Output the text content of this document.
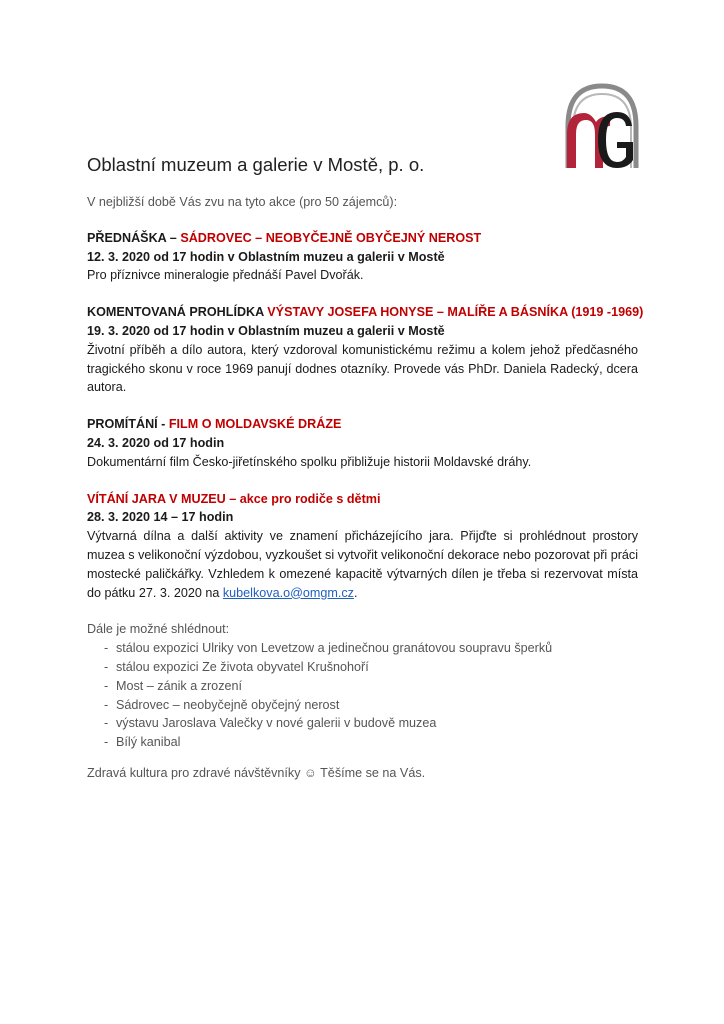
Oblastní muzeum a galerie v Mostě, p. o.

V nejbližší době Vás zvu na tyto akce (pro 50 zájemců):

PŘEDNÁŠKA – SÁDROVEC – NEOBYČEJNĚ OBYČEJNÝ NEROST
12. 3. 2020 od 17 hodin v Oblastním muzeu a galerii v Mostě

Pro příznivce mineralogie přednáší Pavel Dvořák.

KOMENTOVANÁ PROHLÍDKA VÝSTAVY JOSEFA HONYSE – MALÍŘE A BÁSNÍKA (1919 -1969)
19. 3. 2020 od 17 hodin v Oblastním muzeu a galerii v Mostě

Životní příběh a dílo autora, který vzdoroval komunistickému režimu a kolem jehož předčasného tragického skonu v roce 1969 panují dodnes otazníky. Provede vás PhDr. Daniela Radecký, dcera autora.

PROMÍTÁNÍ - FILM O MOLDAVSKÉ DRÁZE
24. 3. 2020 od 17 hodin

Dokumentární film Česko-jiřetínského spolku přibližuje historii Moldavské dráhy.

VÍTÁNÍ JARA V MUZEU – akce pro rodiče s dětmi
28. 3. 2020 14 – 17 hodin

Výtvarná dílna a další aktivity ve znamení přicházejícího jara. Přijďte si prohlédnout prostory muzea s velikonoční výzdobou, vyzkoušet si vytvořit velikonoční dekorace nebo pozorovat při práci mostecké paličkářky. Vzhledem k omezené kapacitě výtvarných dílen je třeba si rezervovat místa do pátku 27. 3. 2020 na kubelkova.o@omgm.cz.

Dále je možné shlédnout:

- stálou expozici Ulriky von Levetzow a jedinečnou granátovou soupravu šperků
- stálou expozici Ze života obyvatel Krušnohoří
- Most – zánik a zrození
- Sádrovec – neobyčejně obyčejný nerost
- výstavu Jaroslava Valečky v nové galerii v budově muzea
- Bílý kanibal

Zdravá kultura pro zdravé návštěvníky ☺ Těšíme se na Vás.
